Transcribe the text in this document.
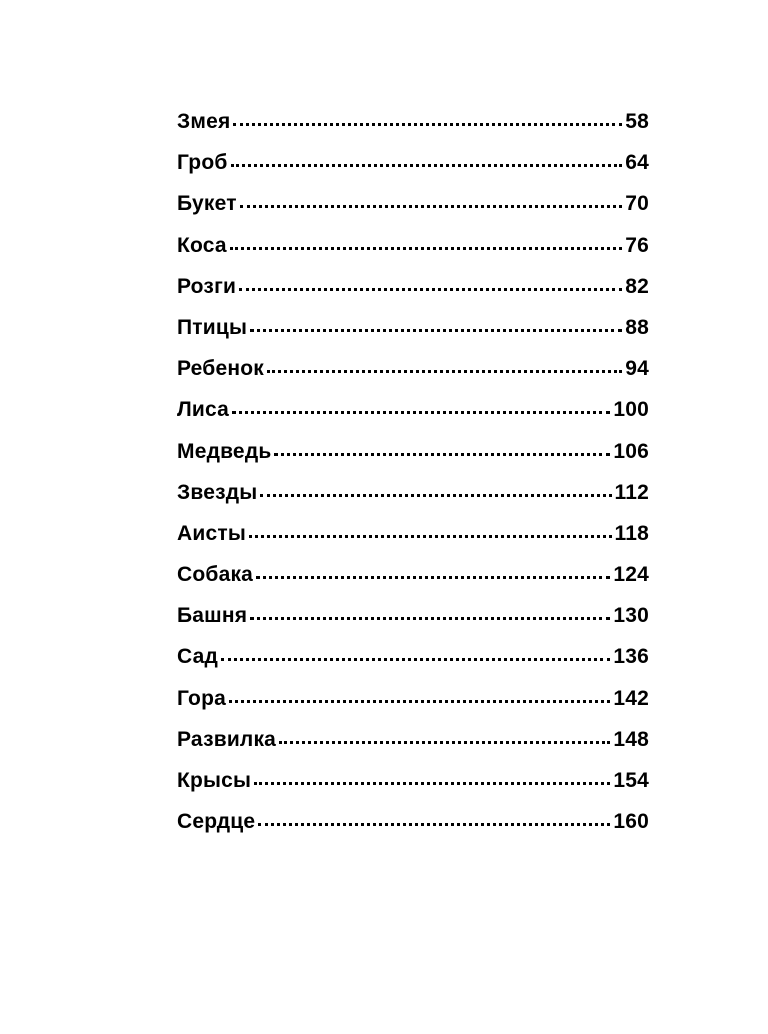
Змея	58
Гроб	64
Букет	70
Коса	76
Розги	82
Птицы	88
Ребенок	94
Лиса	100
Медведь	106
Звезды	112
Аисты	118
Собака	124
Башня	130
Сад	136
Гора	142
Развилка	148
Крысы	154
Сердце	160
